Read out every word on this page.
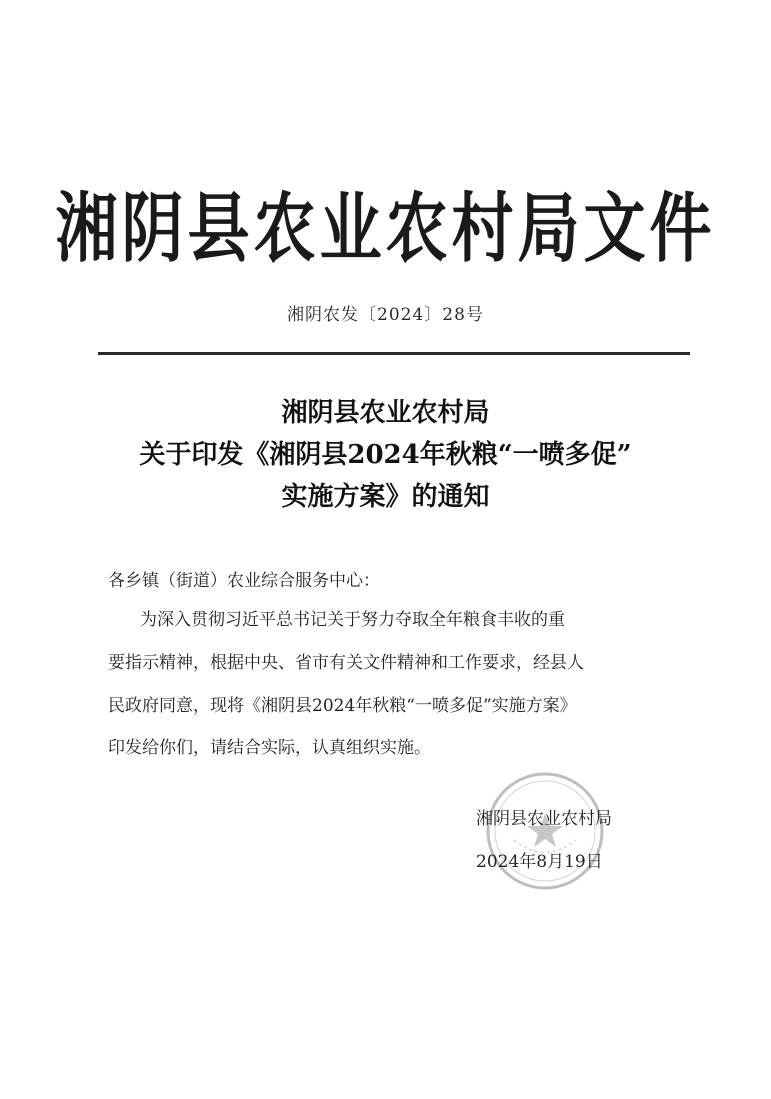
湘阴县农业农村局文件
湘阴农发〔2024〕28号
湘阴县农业农村局
关于印发《湘阴县2024年秋粮“一喷多促”
实施方案》的通知
各乡镇（街道）农业综合服务中心：
为深入贯彻习近平总书记关于努力夺取全年粮食丰收的重
要指示精神，根据中央、省市有关文件精神和工作要求，经县人
民政府同意，现将《湘阴县2024年秋粮“一喷多促”实施方案》
印发给你们，请结合实际，认真组织实施。
湘阴县农业农村局
2024年8月19日
